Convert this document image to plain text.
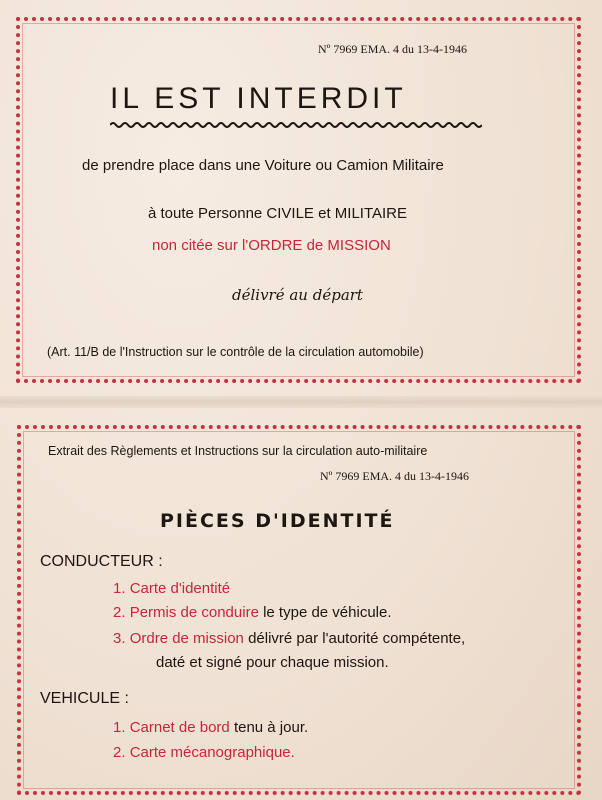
Nº 7969 EMA. 4 du 13-4-1946
IL EST INTERDIT
de prendre place dans une Voiture ou Camion Militaire
à toute Personne CIVILE et MILITAIRE
non citée sur l'ORDRE de MISSION
délivré au départ
(Art. 11/B de l'Instruction sur le contrôle de la circulation automobile)
Extrait des Règlements et Instructions sur la circulation auto-militaire
Nº 7969 EMA. 4 du 13-4-1946
PIÈCES D'IDENTITÉ
CONDUCTEUR :
1. Carte d'identité
2. Permis de conduire le type de véhicule.
3. Ordre de mission délivré par l'autorité compétente,
daté et signé pour chaque mission.
VEHICULE :
1. Carnet de bord tenu à jour.
2. Carte mécanographique.
